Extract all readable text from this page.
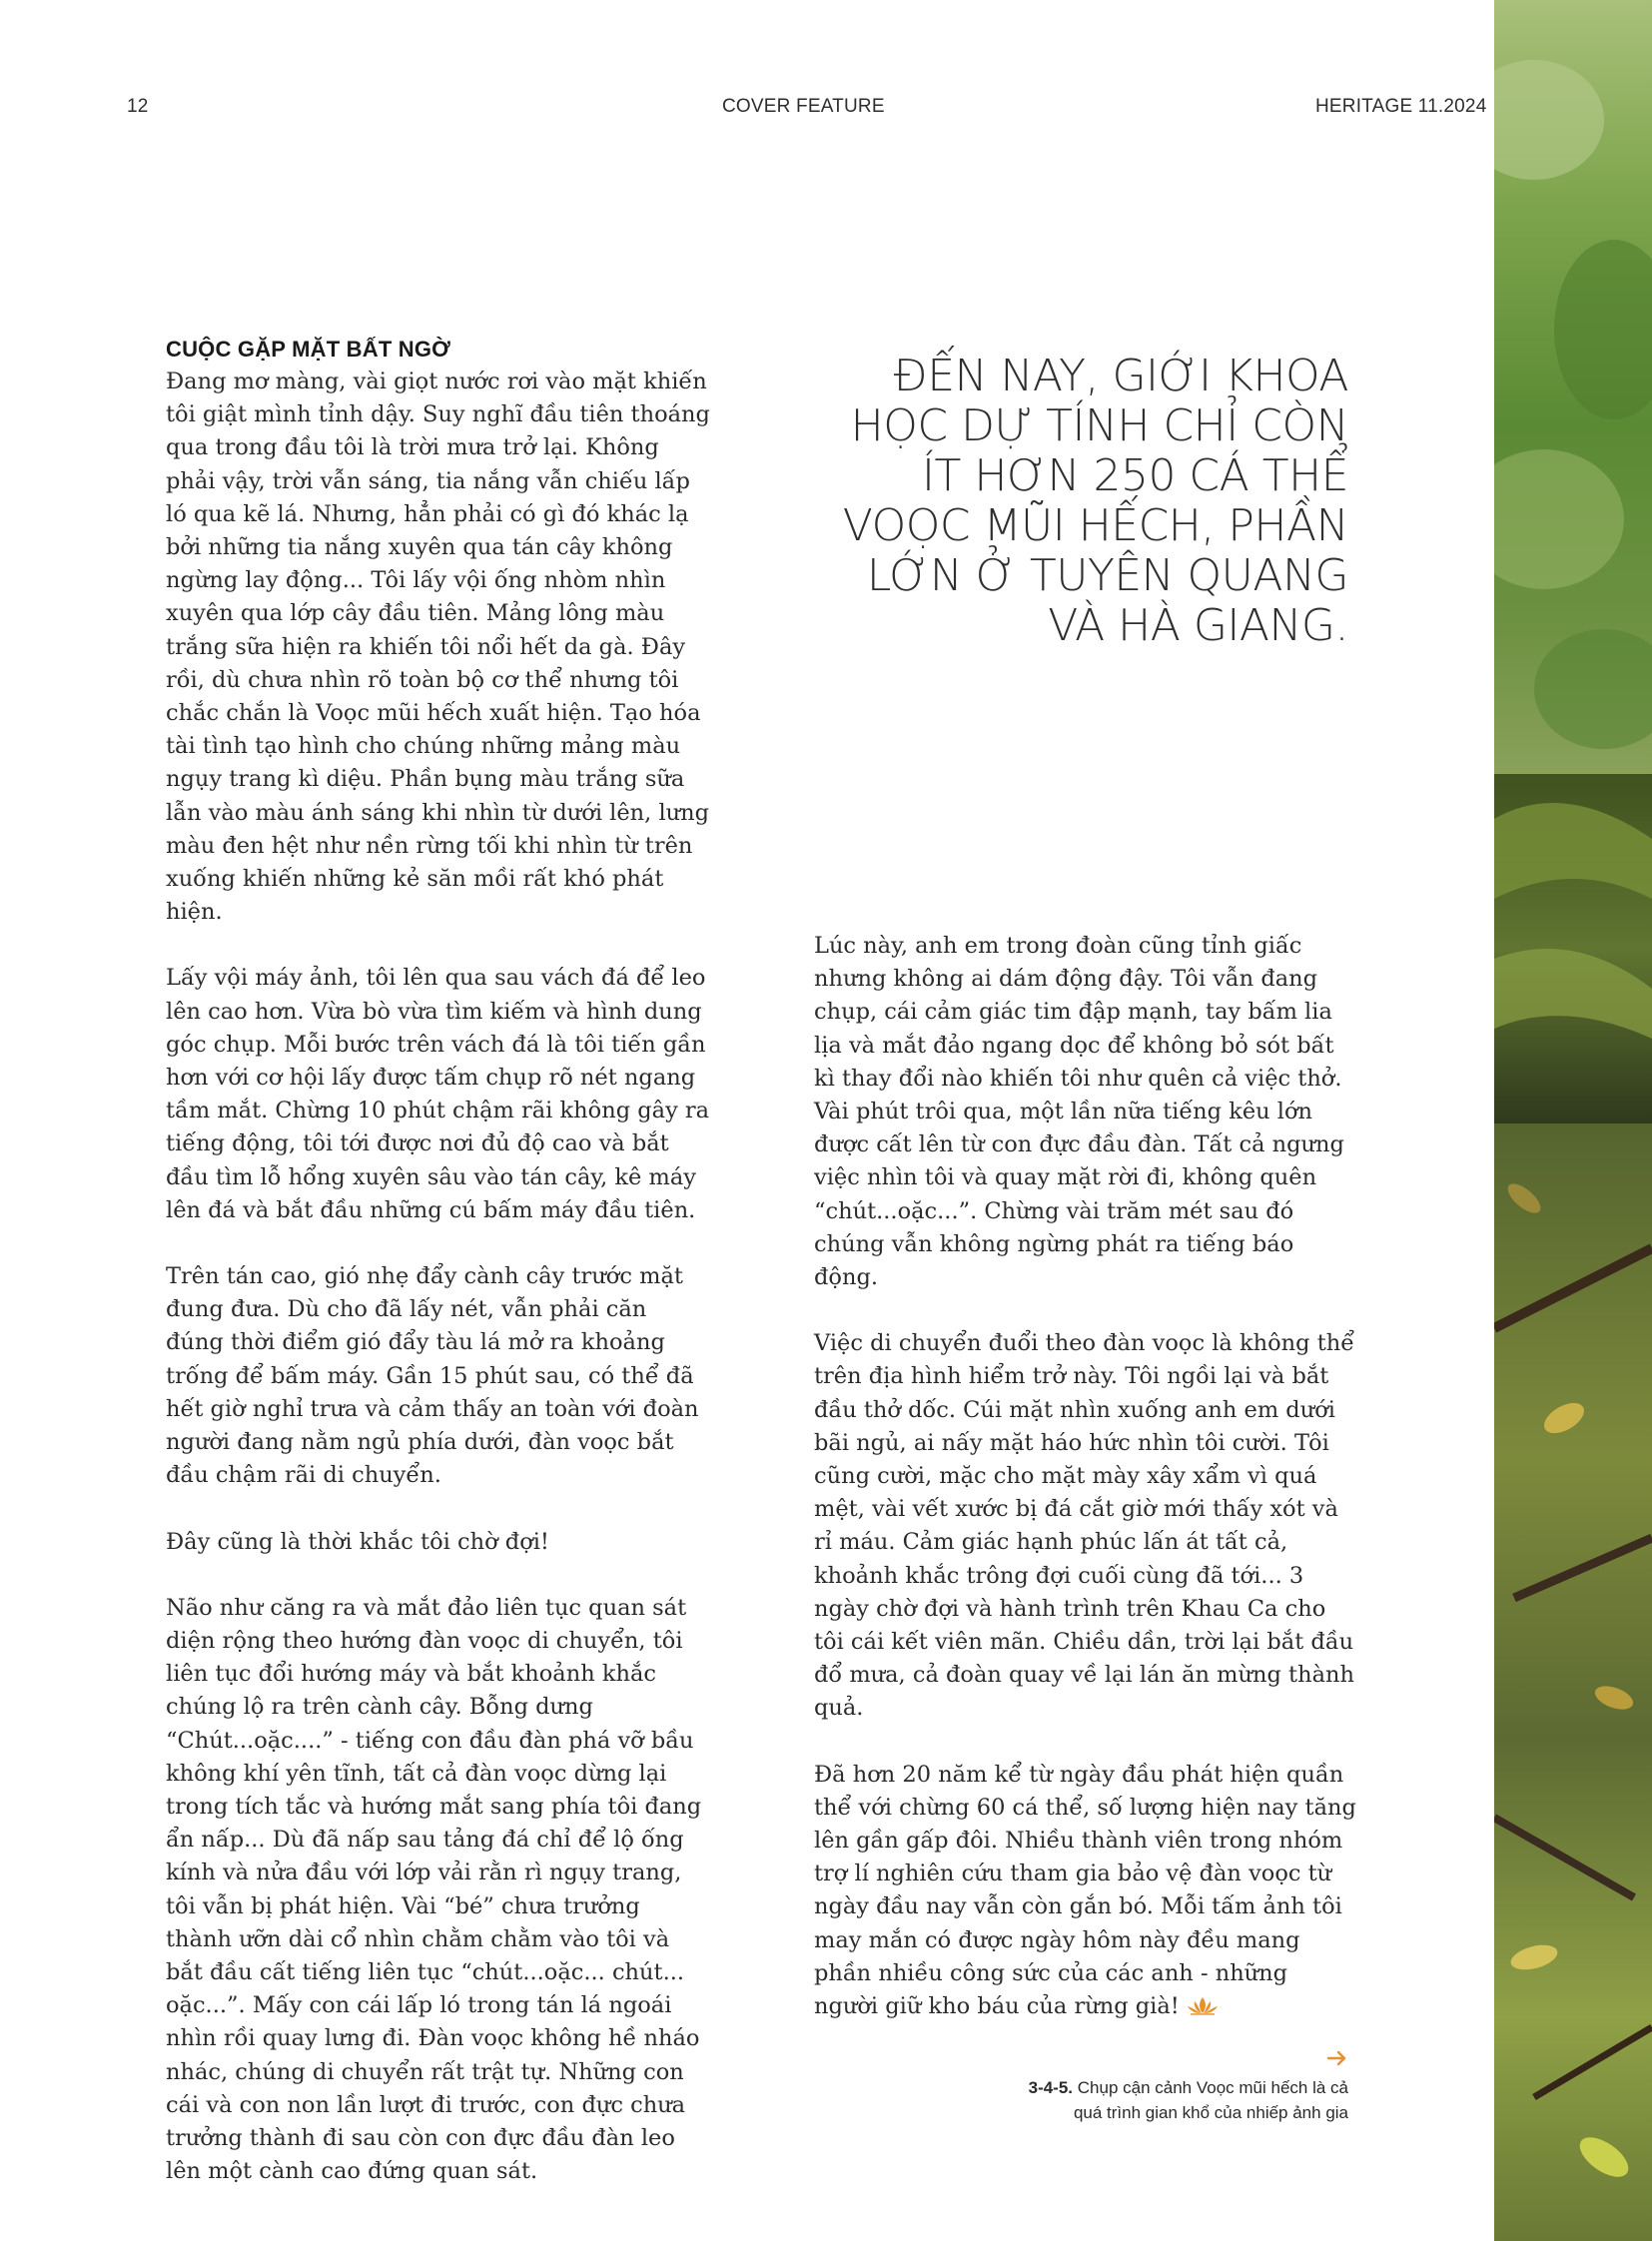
12	COVER FEATURE	HERITAGE 11.2024
CUỘC GẶP MẶT BẤT NGỜ

Đang mơ màng, vài giọt nước rơi vào mặt khiến tôi giật mình tỉnh dậy. Suy nghĩ đầu tiên thoáng qua trong đầu tôi là trời mưa trở lại. Không phải vậy, trời vẫn sáng, tia nắng vẫn chiếu lấp ló qua kẽ lá. Nhưng, hẳn phải có gì đó khác lạ bởi những tia nắng xuyên qua tán cây không ngừng lay động... Tôi lấy vội ống nhòm nhìn xuyên qua lớp cây đầu tiên. Mảng lông màu trắng sữa hiện ra khiến tôi nổi hết da gà. Đây rồi, dù chưa nhìn rõ toàn bộ cơ thể nhưng tôi chắc chắn là Voọc mũi hếch xuất hiện. Tạo hóa tài tình tạo hình cho chúng những mảng màu ngụy trang kì diệu. Phần bụng màu trắng sữa lẫn vào màu ánh sáng khi nhìn từ dưới lên, lưng màu đen hệt như nền rừng tối khi nhìn từ trên xuống khiến những kẻ săn mồi rất khó phát hiện.

Lấy vội máy ảnh, tôi lên qua sau vách đá để leo lên cao hơn. Vừa bò vừa tìm kiếm và hình dung góc chụp. Mỗi bước trên vách đá là tôi tiến gần hơn với cơ hội lấy được tấm chụp rõ nét ngang tầm mắt. Chừng 10 phút chậm rãi không gây ra tiếng động, tôi tới được nơi đủ độ cao và bắt đầu tìm lỗ hổng xuyên sâu vào tán cây, kê máy lên đá và bắt đầu những cú bấm máy đầu tiên.

Trên tán cao, gió nhẹ đẩy cành cây trước mặt đung đưa. Dù cho đã lấy nét, vẫn phải căn đúng thời điểm gió đẩy tàu lá mở ra khoảng trống để bấm máy. Gần 15 phút sau, có thể đã hết giờ nghỉ trưa và cảm thấy an toàn với đoàn người đang nằm ngủ phía dưới, đàn voọc bắt đầu chậm rãi di chuyển.

Đây cũng là thời khắc tôi chờ đợi!

Não như căng ra và mắt đảo liên tục quan sát diện rộng theo hướng đàn voọc di chuyển, tôi liên tục đổi hướng máy và bắt khoảnh khắc chúng lộ ra trên cành cây. Bỗng dưng “Chút...oặc....” - tiếng con đầu đàn phá vỡ bầu không khí yên tĩnh, tất cả đàn voọc dừng lại trong tích tắc và hướng mắt sang phía tôi đang ẩn nấp... Dù đã nấp sau tảng đá chỉ để lộ ống kính và nửa đầu với lớp vải rằn rì ngụy trang, tôi vẫn bị phát hiện. Vài “bé” chưa trưởng thành ưỡn dài cổ nhìn chằm chằm vào tôi và bắt đầu cất tiếng liên tục “chút...oặc... chút... oặc...”. Mấy con cái lấp ló trong tán lá ngoái nhìn rồi quay lưng đi. Đàn voọc không hề nháo nhác, chúng di chuyển rất trật tự. Những con cái và con non lần lượt đi trước, con đực chưa trưởng thành đi sau còn con đực đầu đàn leo lên một cành cao đứng quan sát.

ĐẾN NAY, GIỚI KHOA HỌC DỰ TÍNH CHỈ CÒN ÍT HƠN 250 CÁ THỂ VOỌC MŨI HẾCH, PHẦN LỚN Ở TUYÊN QUANG VÀ HÀ GIANG.

Lúc này, anh em trong đoàn cũng tỉnh giấc nhưng không ai dám động đậy. Tôi vẫn đang chụp, cái cảm giác tim đập mạnh, tay bấm lia lịa và mắt đảo ngang dọc để không bỏ sót bất kì thay đổi nào khiến tôi như quên cả việc thở. Vài phút trôi qua, một lần nữa tiếng kêu lớn được cất lên từ con đực đầu đàn. Tất cả ngưng việc nhìn tôi và quay mặt rời đi, không quên “chút...oặc...”. Chừng vài trăm mét sau đó chúng vẫn không ngừng phát ra tiếng báo động.

Việc di chuyển đuổi theo đàn voọc là không thể trên địa hình hiểm trở này. Tôi ngồi lại và bắt đầu thở dốc. Cúi mặt nhìn xuống anh em dưới bãi ngủ, ai nấy mặt háo hức nhìn tôi cười. Tôi cũng cười, mặc cho mặt mày xây xẩm vì quá mệt, vài vết xước bị đá cắt giờ mới thấy xót và rỉ máu. Cảm giác hạnh phúc lấn át tất cả, khoảnh khắc trông đợi cuối cùng đã tới... 3 ngày chờ đợi và hành trình trên Khau Ca cho tôi cái kết viên mãn. Chiều dần, trời lại bắt đầu đổ mưa, cả đoàn quay về lại lán ăn mừng thành quả.

Đã hơn 20 năm kể từ ngày đầu phát hiện quần thể với chừng 60 cá thể, số lượng hiện nay tăng lên gần gấp đôi. Nhiều thành viên trong nhóm trợ lí nghiên cứu tham gia bảo vệ đàn voọc từ ngày đầu nay vẫn còn gắn bó. Mỗi tấm ảnh tôi may mắn có được ngày hôm này đều mang phần nhiều công sức của các anh - những người giữ kho báu của rừng già!

3-4-5. Chụp cận cảnh Voọc mũi hếch là cả quá trình gian khổ của nhiếp ảnh gia
